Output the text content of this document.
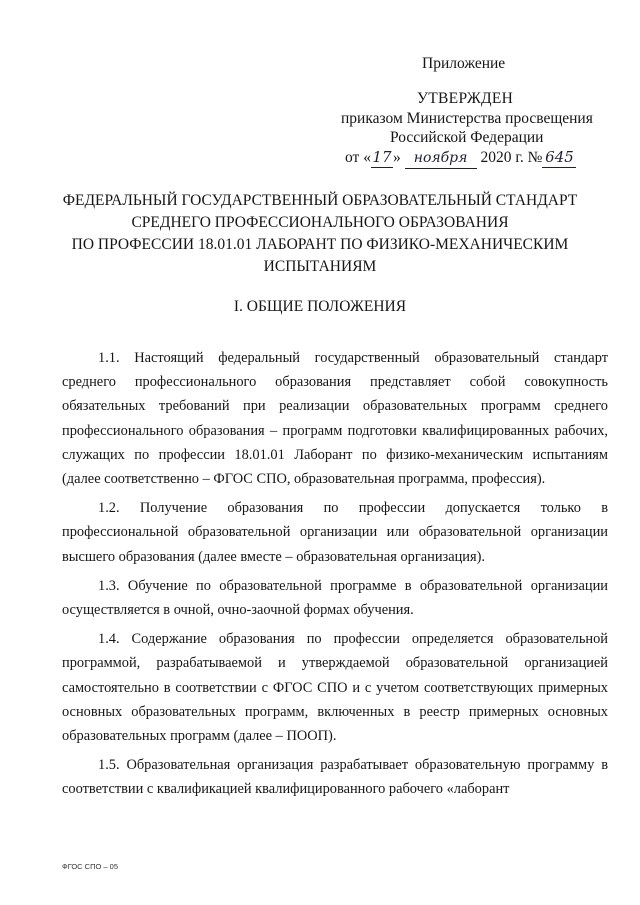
Приложение
УТВЕРЖДЕН
приказом Министерства просвещения
Российской Федерации
от «17» ноября 2020 г. № 645
ФЕДЕРАЛЬНЫЙ ГОСУДАРСТВЕННЫЙ ОБРАЗОВАТЕЛЬНЫЙ СТАНДАРТ
СРЕДНЕГО ПРОФЕССИОНАЛЬНОГО ОБРАЗОВАНИЯ
ПО ПРОФЕССИИ 18.01.01 ЛАБОРАНТ ПО ФИЗИКО-МЕХАНИЧЕСКИМ
ИСПЫТАНИЯМ
I. ОБЩИЕ ПОЛОЖЕНИЯ

1.1. Настоящий федеральный государственный образовательный стандарт среднего профессионального образования представляет собой совокупность обязательных требований при реализации образовательных программ среднего профессионального образования – программ подготовки квалифицированных рабочих, служащих по профессии 18.01.01 Лаборант по физико-механическим испытаниям (далее соответственно – ФГОС СПО, образовательная программа, профессия).

1.2. Получение образования по профессии допускается только в профессиональной образовательной организации или образовательной организации высшего образования (далее вместе – образовательная организация).

1.3. Обучение по образовательной программе в образовательной организации осуществляется в очной, очно-заочной формах обучения.

1.4. Содержание образования по профессии определяется образовательной программой, разрабатываемой и утверждаемой образовательной организацией самостоятельно в соответствии с ФГОС СПО и с учетом соответствующих примерных основных образовательных программ, включенных в реестр примерных основных образовательных программ (далее – ПООП).

1.5. Образовательная организация разрабатывает образовательную программу в соответствии с квалификацией квалифицированного рабочего «лаборант

ФГОС СПО – 05
